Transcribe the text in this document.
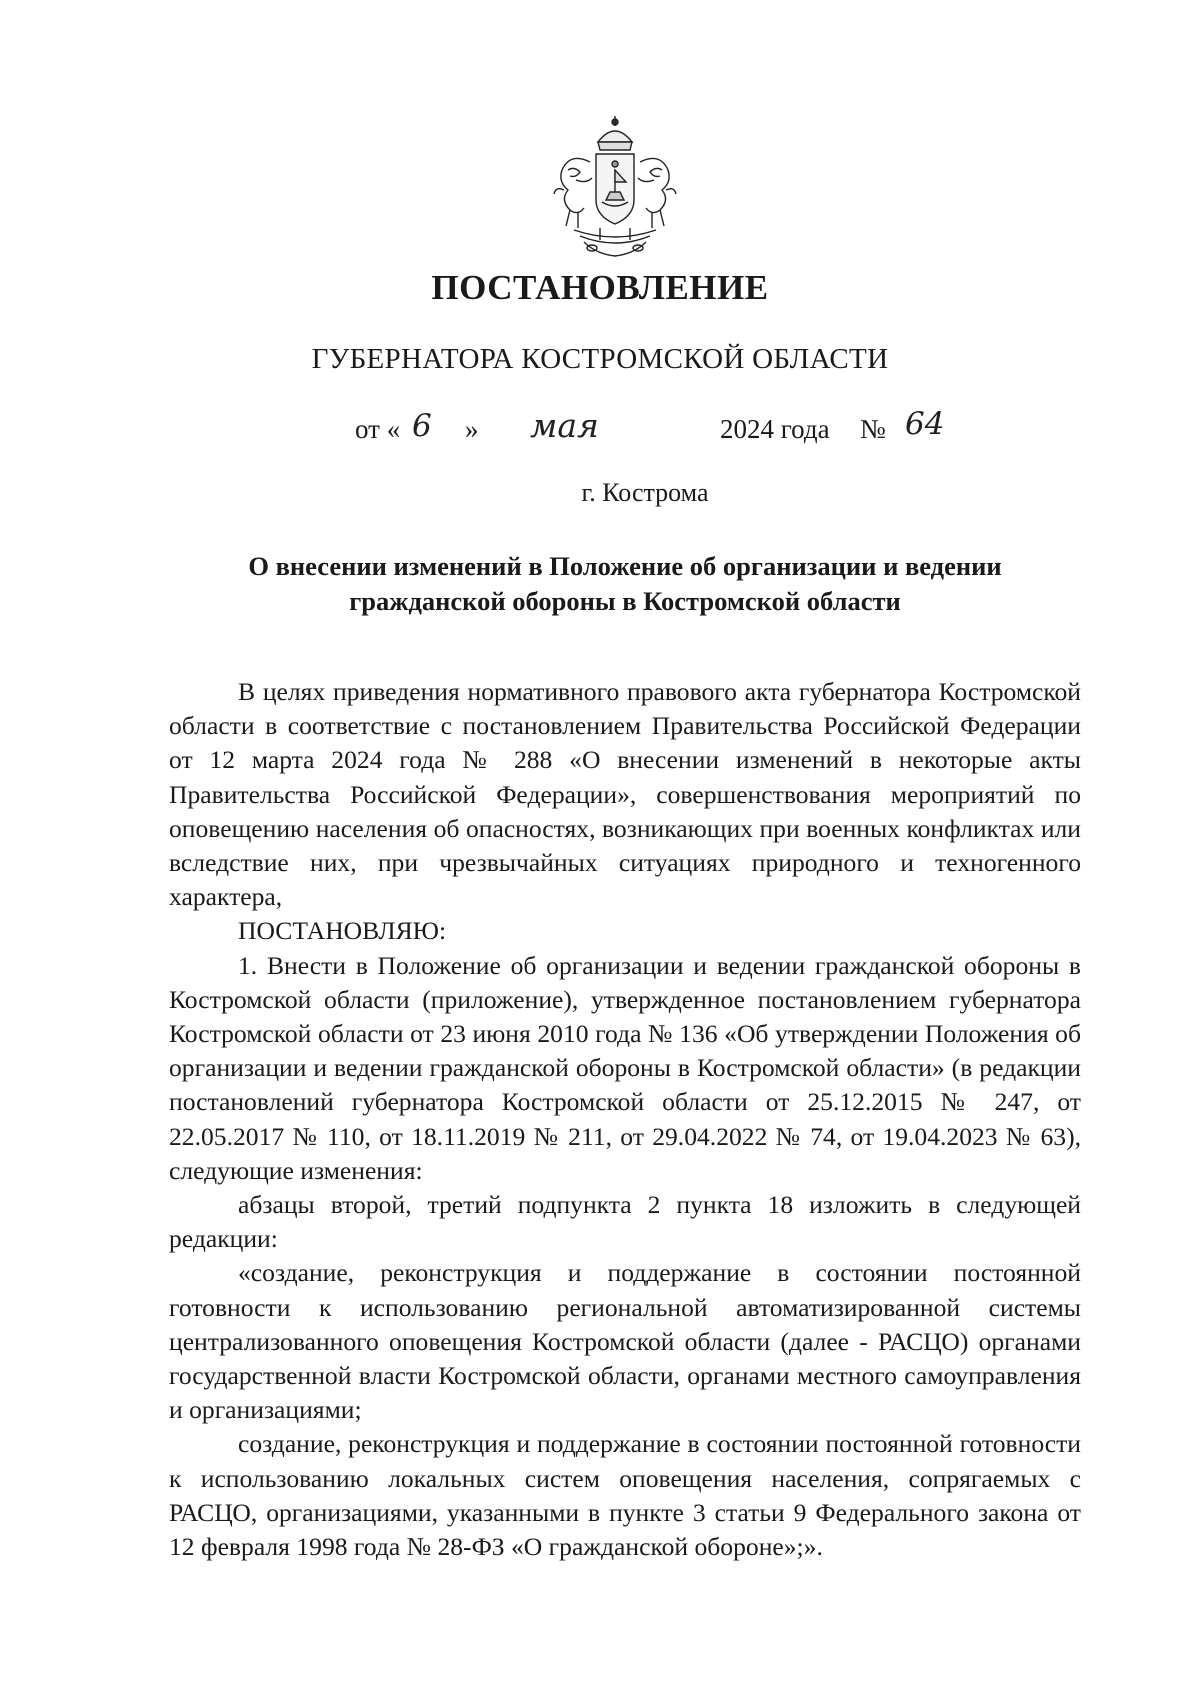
ПОСТАНОВЛЕНИЕ
ГУБЕРНАТОРА КОСТРОМСКОЙ ОБЛАСТИ
от « 6 » мая	2024 года № 64
г. Кострома
О внесении изменений в Положение об организации и ведении
гражданской обороны в Костромской области

В целях приведения нормативного правового акта губернатора Костромской области в соответствие с постановлением Правительства Российской Федерации от 12 марта 2024 года № 288 «О внесении изменений в некоторые акты Правительства Российской Федерации», совершенствования мероприятий по оповещению населения об опасностях, возникающих при военных конфликтах или вследствие них, при чрезвычайных ситуациях природного и техногенного характера,

ПОСТАНОВЛЯЮ:

1. Внести в Положение об организации и ведении гражданской обороны в Костромской области (приложение), утвержденное постановлением губернатора Костромской области от 23 июня 2010 года № 136 «Об утверждении Положения об организации и ведении гражданской обороны в Костромской области» (в редакции постановлений губернатора Костромской области от 25.12.2015 № 247, от 22.05.2017 № 110, от 18.11.2019 № 211, от 29.04.2022 № 74, от 19.04.2023 № 63), следующие изменения:

абзацы второй, третий подпункта 2 пункта 18 изложить в следующей редакции:

«создание, реконструкция и поддержание в состоянии постоянной готовности к использованию региональной автоматизированной системы централизованного оповещения Костромской области (далее - РАСЦО) органами государственной власти Костромской области, органами местного самоуправления и организациями;

создание, реконструкция и поддержание в состоянии постоянной готовности к использованию локальных систем оповещения населения, сопрягаемых с РАСЦО, организациями, указанными в пункте 3 статьи 9 Федерального закона от 12 февраля 1998 года № 28-ФЗ «О гражданской обороне»;».
